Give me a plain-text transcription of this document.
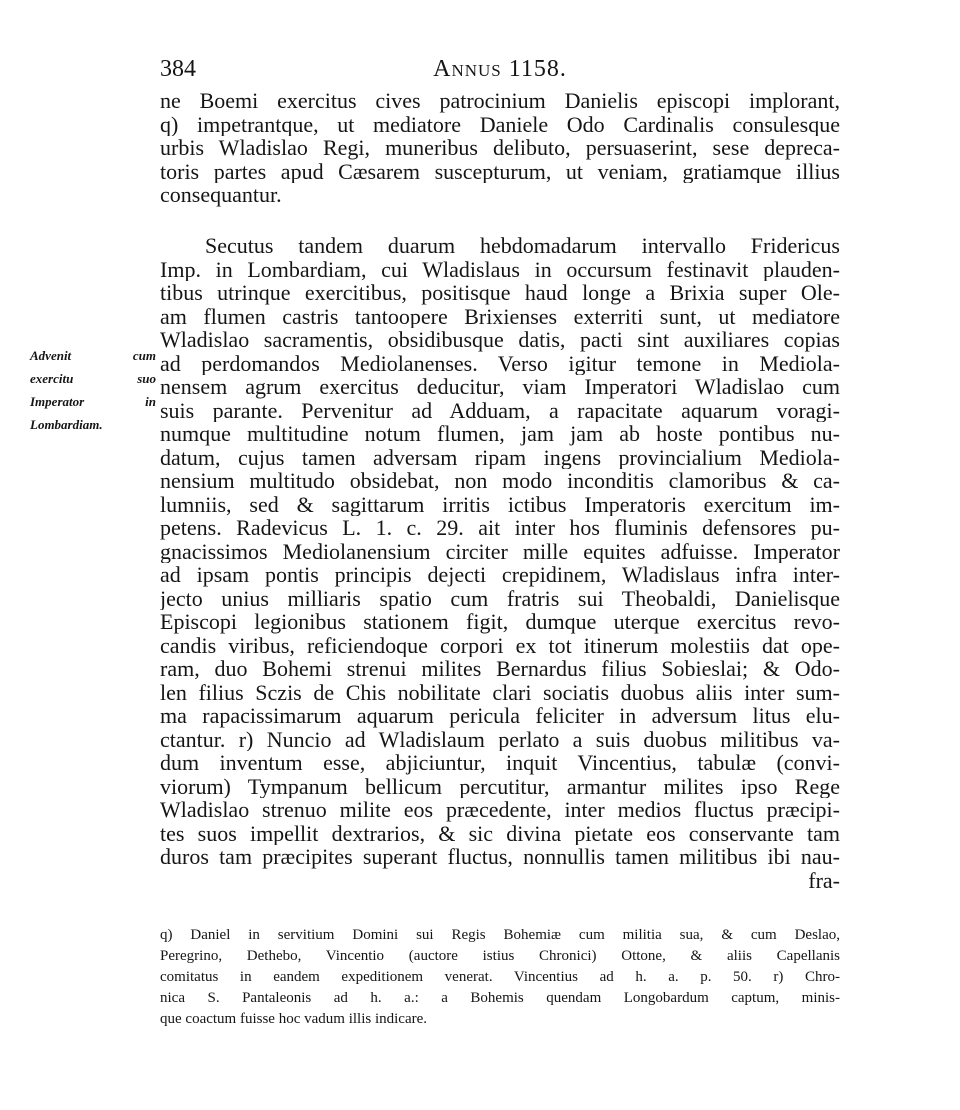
384	Annus 1158.
ne Boemi exercitus cives patrocinium Danielis episcopi implorant,
q) impetrantque, ut mediatore Daniele Odo Cardinalis consulesque
urbis Wladislao Regi, muneribus delibuto, persuaserint, sese depreca-
toris partes apud Cæsarem suscepturum, ut veniam, gratiamque illius
consequantur.
Secutus tandem duarum hebdomadarum intervallo Fridericus
Imp. in Lombardiam, cui Wladislaus in occursum festinavit plauden-
tibus utrinque exercitibus, positisque haud longe a Brixia super Ole-
am flumen castris tantoopere Brixienses exterriti sunt, ut mediatore
Wladislao sacramentis, obsidibusque datis, pacti sint auxiliares copias
ad perdomandos Mediolanenses. Verso igitur temone in Mediola-
nensem agrum exercitus deducitur, viam Imperatori Wladislao cum
suis parante. Pervenitur ad Adduam, a rapacitate aquarum voragi-
numque multitudine notum flumen, jam jam ab hoste pontibus nu-
datum, cujus tamen adversam ripam ingens provincialium Mediola-
nensium multitudo obsidebat, non modo inconditis clamoribus & ca-
lumniis, sed & sagittarum irritis ictibus Imperatoris exercitum im-
petens. Radevicus L. 1. c. 29. ait inter hos fluminis defensores pu-
gnacissimos Mediolanensium circiter mille equites adfuisse. Imperator
ad ipsam pontis principis dejecti crepidinem, Wladislaus infra inter-
jecto unius milliaris spatio cum fratris sui Theobaldi, Danielisque
Episcopi legionibus stationem figit, dumque uterque exercitus revo-
candis viribus, reficiendoque corpori ex tot itinerum molestiis dat ope-
ram, duo Bohemi strenui milites Bernardus filius Sobieslai; & Odo-
len filius Sczis de Chis nobilitate clari sociatis duobus aliis inter sum-
ma rapacissimarum aquarum pericula feliciter in adversum litus elu-
ctantur. r) Nuncio ad Wladislaum perlato a suis duobus militibus va-
dum inventum esse, abjiciuntur, inquit Vincentius, tabulæ (convi-
viorum) Tympanum bellicum percutitur, armantur milites ipso Rege
Wladislao strenuo milite eos præcedente, inter medios fluctus præcipi-
tes suos impellit dextrarios, & sic divina pietate eos conservante tam
duros tam præcipites superant fluctus, nonnullis tamen militibus ibi nau-
fra-
Advenit cum
exercitu suo
Imperator in
Lombardiam.
q) Daniel in servitium Domini sui Regis Bohemiæ cum militia sua, & cum Deslao,
Peregrino, Dethebo, Vincentio (auctore istius Chronici) Ottone, & aliis Capellanis
comitatus in eandem expeditionem venerat. Vincentius ad h. a. p. 50. r) Chro-
nica S. Pantaleonis ad h. a.: a Bohemis quendam Longobardum captum, minis-
que coactum fuisse hoc vadum illis indicare.
